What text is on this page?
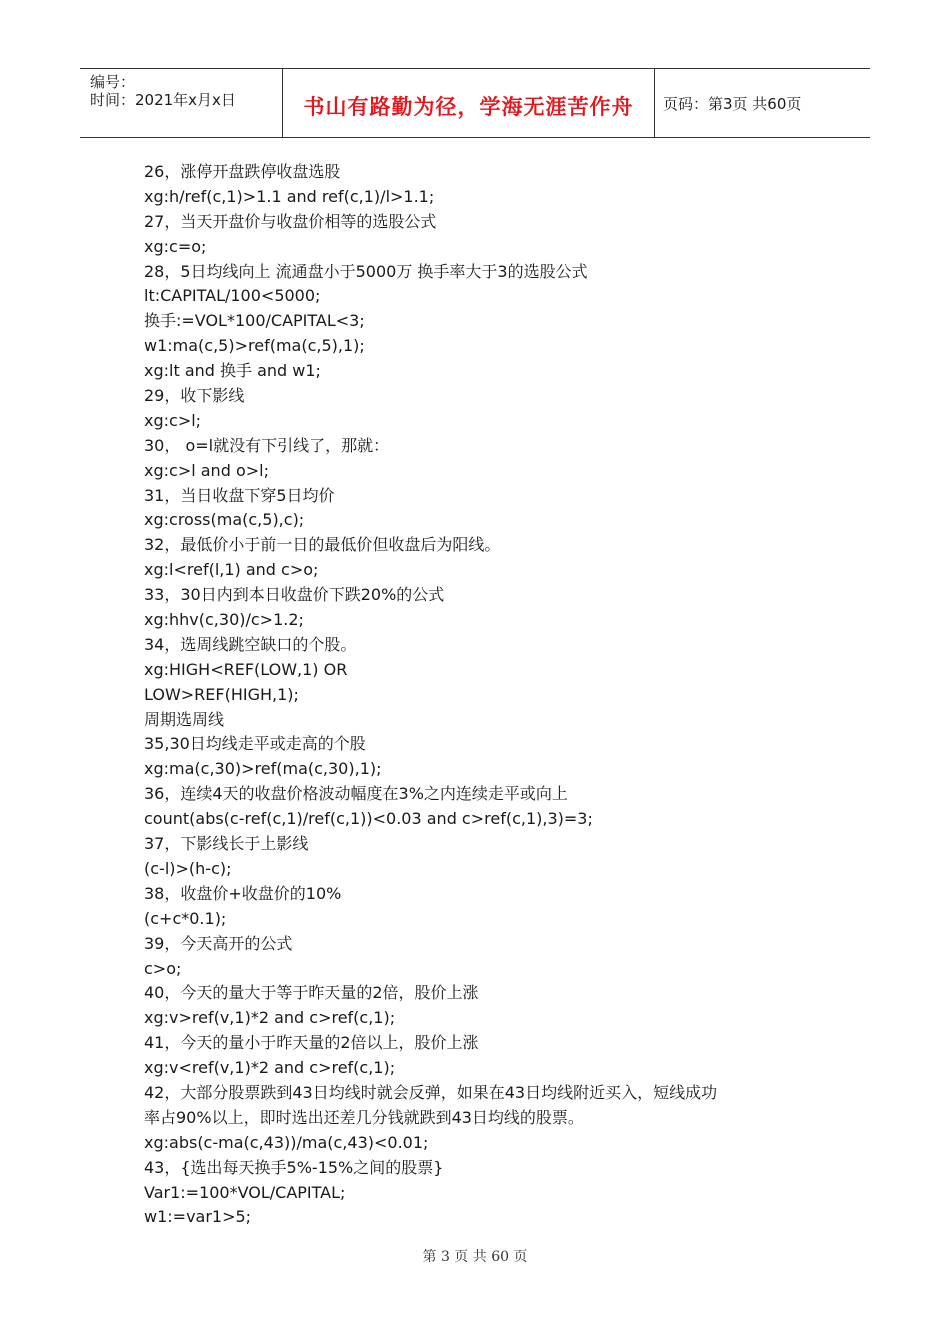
编号：
时间：2021年x月x日	书山有路勤为径，学海无涯苦作舟	页码：第3页 共60页
26，涨停开盘跌停收盘选股
xg:h/ref(c,1)>1.1 and ref(c,1)/l>1.1;
27，当天开盘价与收盘价相等的选股公式
xg:c=o;
28，5日均线向上 流通盘小于5000万 换手率大于3的选股公式
lt:CAPITAL/100<5000;
换手:=VOL*100/CAPITAL<3;
w1:ma(c,5)>ref(ma(c,5),1);
xg:lt and 换手 and w1;
29，收下影线
xg:c>l;
30， o=l就没有下引线了，那就：
xg:c>l and o>l;
31，当日收盘下穿5日均价
xg:cross(ma(c,5),c);
32，最低价小于前一日的最低价但收盘后为阳线。
xg:l<ref(l,1) and c>o;
33，30日内到本日收盘价下跌20%的公式
xg:hhv(c,30)/c>1.2;
34，选周线跳空缺口的个股。
xg:HIGH<REF(LOW,1) OR
LOW>REF(HIGH,1);
周期选周线
35,30日均线走平或走高的个股
xg:ma(c,30)>ref(ma(c,30),1);
36，连续4天的收盘价格波动幅度在3%之内连续走平或向上
count(abs(c-ref(c,1)/ref(c,1))<0.03 and c>ref(c,1),3)=3;
37，下影线长于上影线
(c-l)>(h-c);
38，收盘价+收盘价的10%
(c+c*0.1);
39，今天高开的公式
c>o;
40，今天的量大于等于昨天量的2倍，股价上涨
xg:v>ref(v,1)*2 and c>ref(c,1);
41，今天的量小于昨天量的2倍以上，股价上涨
xg:v<ref(v,1)*2 and c>ref(c,1);
42，大部分股票跌到43日均线时就会反弹，如果在43日均线附近买入，短线成功
率占90%以上，即时选出还差几分钱就跌到43日均线的股票。
xg:abs(c-ma(c,43))/ma(c,43)<0.01;
43，{选出每天换手5%-15%之间的股票}
Var1:=100*VOL/CAPITAL;
w1:=var1>5;
第 3 页 共 60 页
